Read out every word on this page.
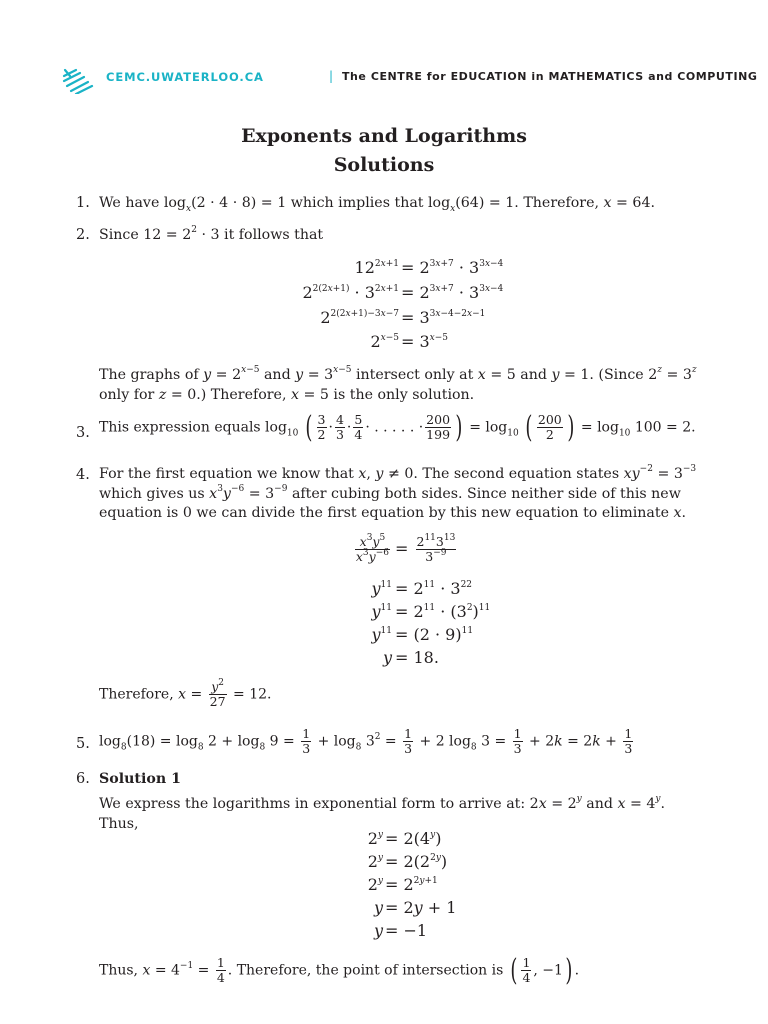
CEMC.UWATERLOO.CA	| The CENTRE for EDUCATION in MATHEMATICS and COMPUTING
Exponents and Logarithms
Solutions
1. We have $\log_x(2 \cdot 4 \cdot 8) = 1$ which implies that $\log_x(64) = 1$. Therefore, x = 64.
2. Since $12 = 2^2 \cdot 3$ it follows that
$12^{2x+1} = 2^{3x+7} \cdot 3^{3x-4}$
$2^{2(2x+1)} \cdot 3^{2x+1} = 2^{3x+7} \cdot 3^{3x-4}$
$2^{2(2x+1)-3x-7} = 3^{3x-4-2x-1}$
$2^{x-5} = 3^{x-5}$
The graphs of $y = 2^{x-5}$ and $y = 3^{x-5}$ intersect only at x = 5 and y = 1. (Since $2^z = 3^z$ only for z = 0.) Therefore, x = 5 is the only solution.
3. This expression equals $\log_{10}$ ( $\frac{3}{2} \cdot \frac{4}{3} \cdot \frac{5}{4}$ · . . . . . · $\frac{200}{199}$ ) = $\log_{10}$ ( $\frac{200}{2}$ ) = $\log_{10} 100 = 2$.
4. For the first equation we know that x, y ≠ 0. The second equation states $xy^{-2} = 3^{-3}$ which gives us $x^3y^{-6} = 3^{-9}$ after cubing both sides. Since neither side of this new equation is 0 we can divide the first equation by this new equation to eliminate x.
$\frac{x^3y^5}{x^3y^{-6}} = \frac{2^{11}3^{13}}{3^{-9}}$
$y^{11} = 2^{11} \cdot 3^{22}$
$y^{11} = 2^{11} \cdot (3^2)^{11}$
$y^{11} = (2 \cdot 9)^{11}$
y = 18.
Therefore, $x = \frac{y^2}{27} = 12$.
5. $\log_8(18) = \log_8 2 + \log_8 9 = \frac{1}{3} + \log_8 3^2 = \frac{1}{3} + 2$ $\log_8 3 = \frac{1}{3} + 2k = 2k + \frac{1}{3}$
6. Solution 1
We express the logarithms in exponential form to arrive at: $2x = 2^y$ and $x = 4^y$. Thus,
$2^y = 2(4^y)$
$2^y = 2(2^{2y})$
$2^y = 2^{2y+1}$
y = 2y + 1
y = −1
Thus, $x = 4^{-1} = \frac{1}{4}$ . Therefore, the point of intersection is ( $\frac{1}{4}$ , −1) .
